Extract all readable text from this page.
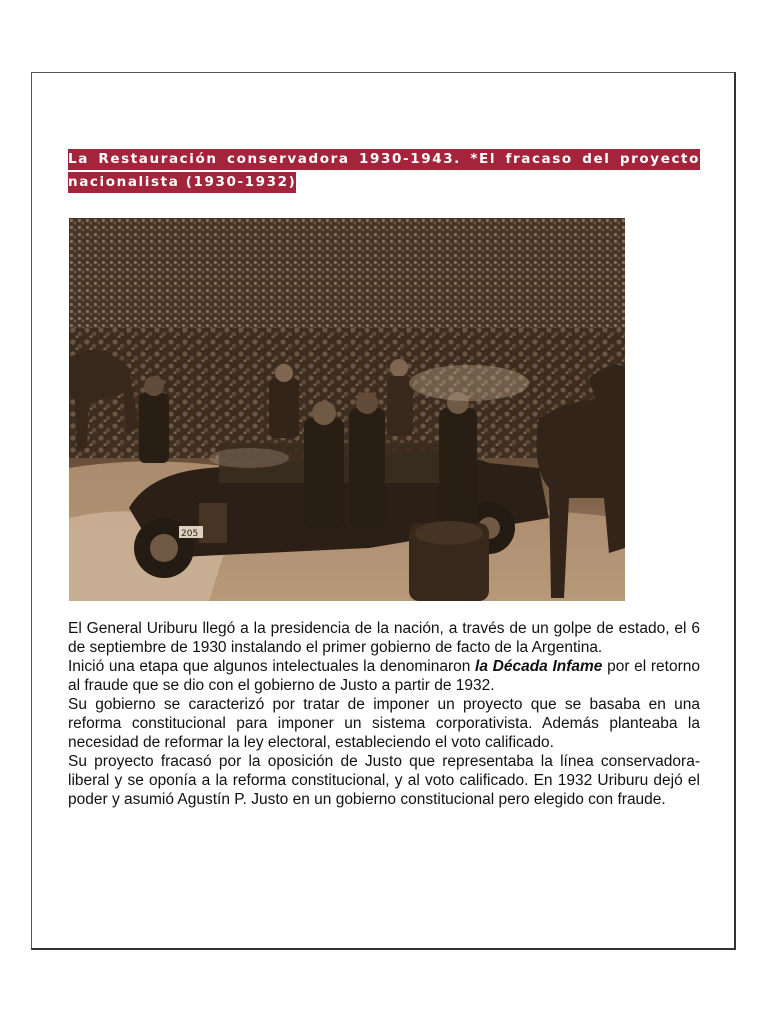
La Restauración conservadora 1930-1943. *El fracaso del proyecto nacionalista (1930-1932)
205

El General Uriburu llegó a la presidencia de la nación, a través de un golpe de estado, el 6 de septiembre de 1930 instalando el primer gobierno de facto de la Argentina.

Inició una etapa que algunos intelectuales la denominaron la Década Infame por el retorno al fraude que se dio con el gobierno de Justo a partir de 1932.

Su gobierno se caracterizó por tratar de imponer un proyecto que se basaba en una reforma constitucional para imponer un sistema corporativista. Además planteaba la necesidad de reformar la ley electoral, estableciendo el voto calificado.

Su proyecto fracasó por la oposición de Justo que representaba la línea conservadora-liberal y se oponía a la reforma constitucional, y al voto calificado. En 1932 Uriburu dejó el poder y asumió Agustín P. Justo en un gobierno constitucional pero elegido con fraude.
